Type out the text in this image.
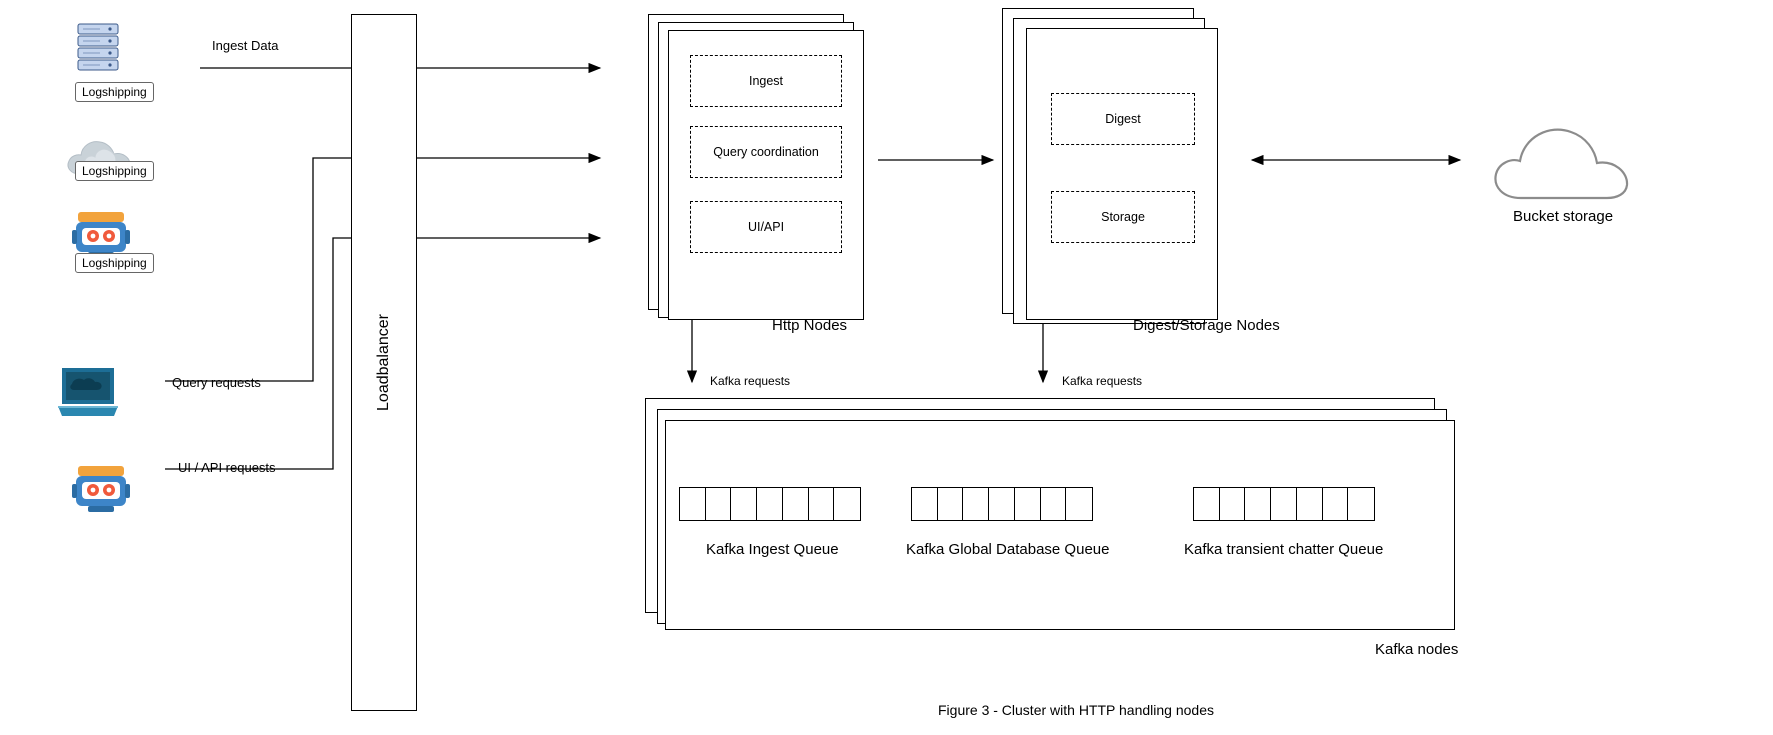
Logshipping
Logshipping
Logshipping
Query requests
UI / API requests
Ingest Data
Loadbalancer
Ingest
Query coordination
UI/API
Http Nodes
Digest
Storage
Digest/Storage Nodes
Bucket storage
Kafka requests	Kafka requests
Kafka Ingest Queue	Kafka Global Database Queue	Kafka transient chatter Queue
Kafka nodes
Figure 3 - Cluster with HTTP handling nodes
